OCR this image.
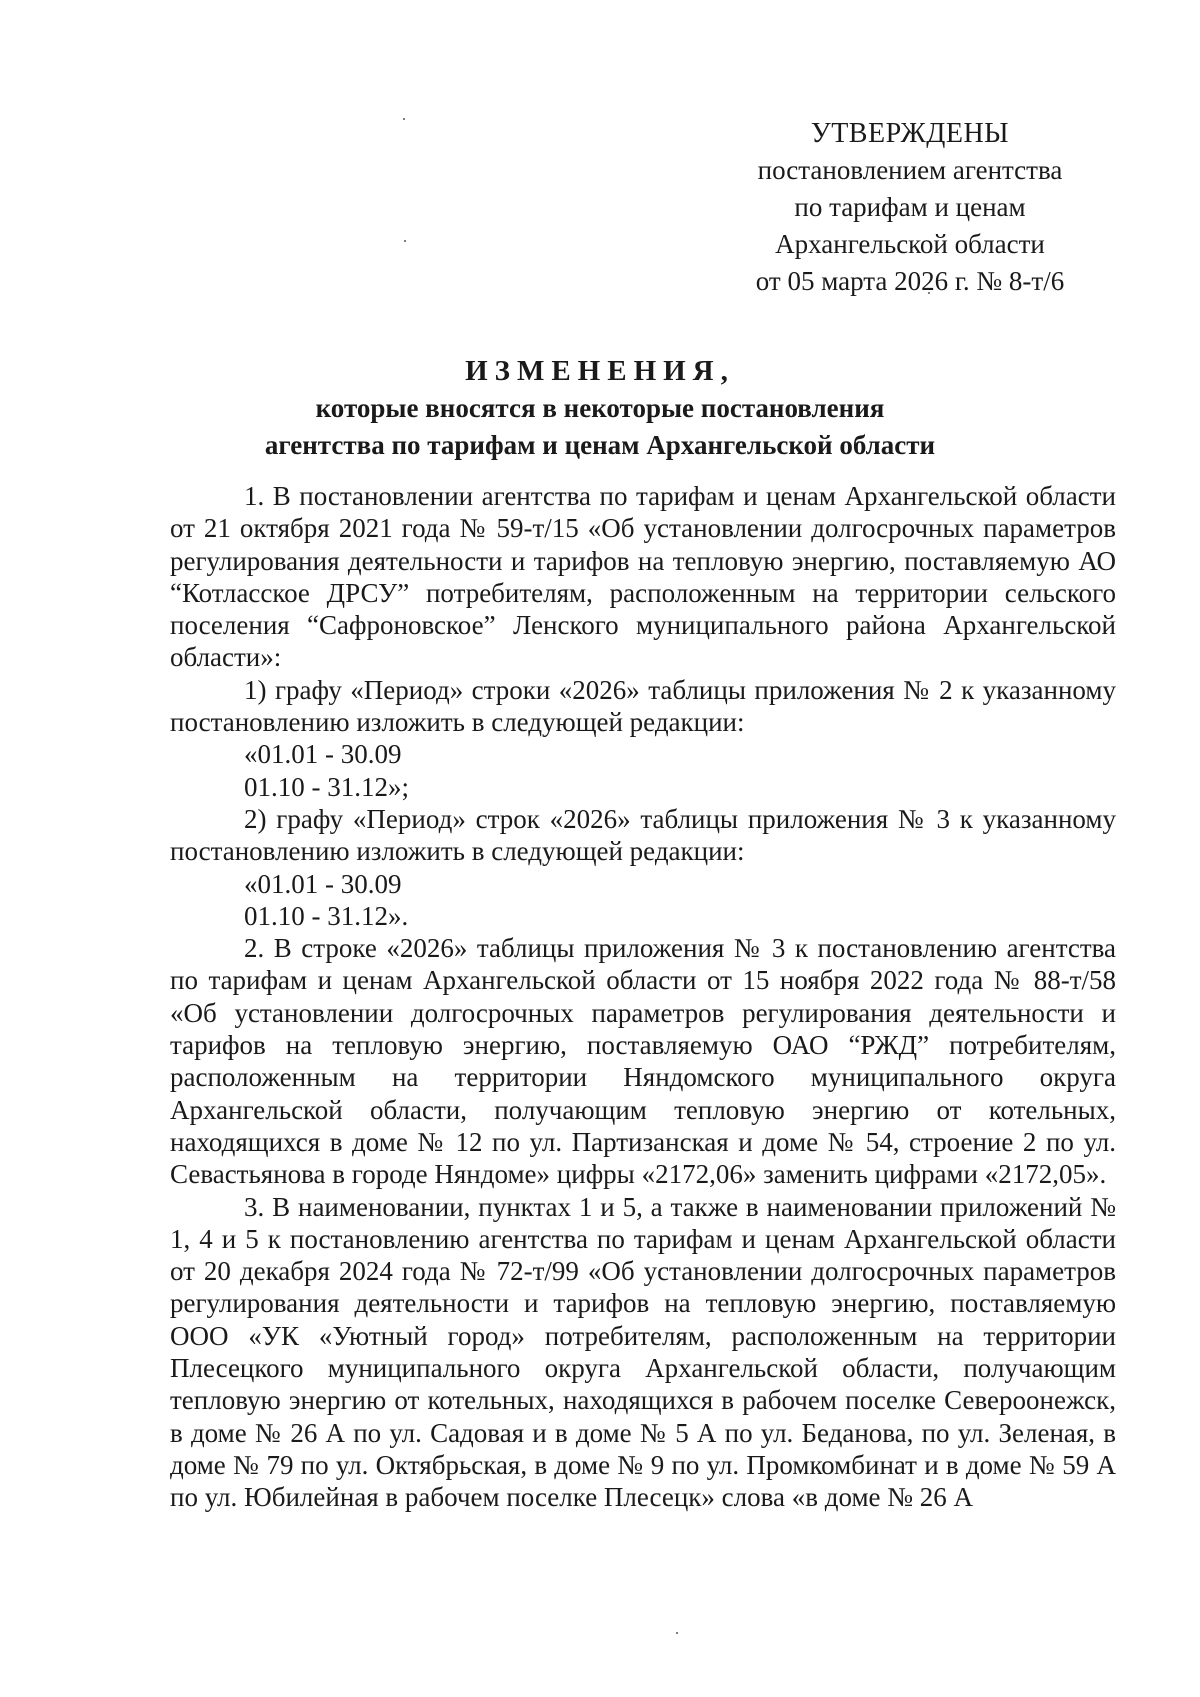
УТВЕРЖДЕНЫ
постановлением агентства
по тарифам и ценам
Архангельской области
от 05 марта 2026 г. № 8-т/6
ИЗМЕНЕНИЯ,
которые вносятся в некоторые постановления
агентства по тарифам и ценам Архангельской области

1. В постановлении агентства по тарифам и ценам Архангельской области от 21 октября 2021 года № 59-т/15 «Об установлении долгосрочных параметров регулирования деятельности и тарифов на тепловую энергию, поставляемую АО “Котласское ДРСУ” потребителям, расположенным на территории сельского поселения “Сафроновское” Ленского муниципального района Архангельской области»:

1) графу «Период» строки «2026» таблицы приложения № 2 к указанному постановлению изложить в следующей редакции:

«01.01 - 30.09

01.10 - 31.12»;

2) графу «Период» строк «2026» таблицы приложения № 3 к указанному постановлению изложить в следующей редакции:

«01.01 - 30.09

01.10 - 31.12».

2. В строке «2026» таблицы приложения № 3 к постановлению агентства по тарифам и ценам Архангельской области от 15 ноября 2022 года № 88-т/58 «Об установлении долгосрочных параметров регулирования деятельности и тарифов на тепловую энергию, поставляемую ОАО “РЖД” потребителям, расположенным на территории Няндомского муниципального округа Архангельской области, получающим тепловую энергию от котельных, находящихся в доме № 12 по ул. Партизанская и доме № 54, строение 2 по ул. Севастьянова в городе Няндоме» цифры «2172,06» заменить цифрами «2172,05».

3. В наименовании, пунктах 1 и 5, а также в наименовании приложений № 1, 4 и 5 к постановлению агентства по тарифам и ценам Архангельской области от 20 декабря 2024 года № 72-т/99 «Об установлении долгосрочных параметров регулирования деятельности и тарифов на тепловую энергию, поставляемую ООО «УК «Уютный город» потребителям, расположенным на территории Плесецкого муниципального округа Архангельской области, получающим тепловую энергию от котельных, находящихся в рабочем поселке Североонежск, в доме № 26 А по ул. Садовая и в доме № 5 А по ул. Беданова, по ул. Зеленая, в доме № 79 по ул. Октябрьская, в доме № 9 по ул. Промкомбинат и в доме № 59 А по ул. Юбилейная в рабочем поселке Плесецк» слова «в доме № 26 А
